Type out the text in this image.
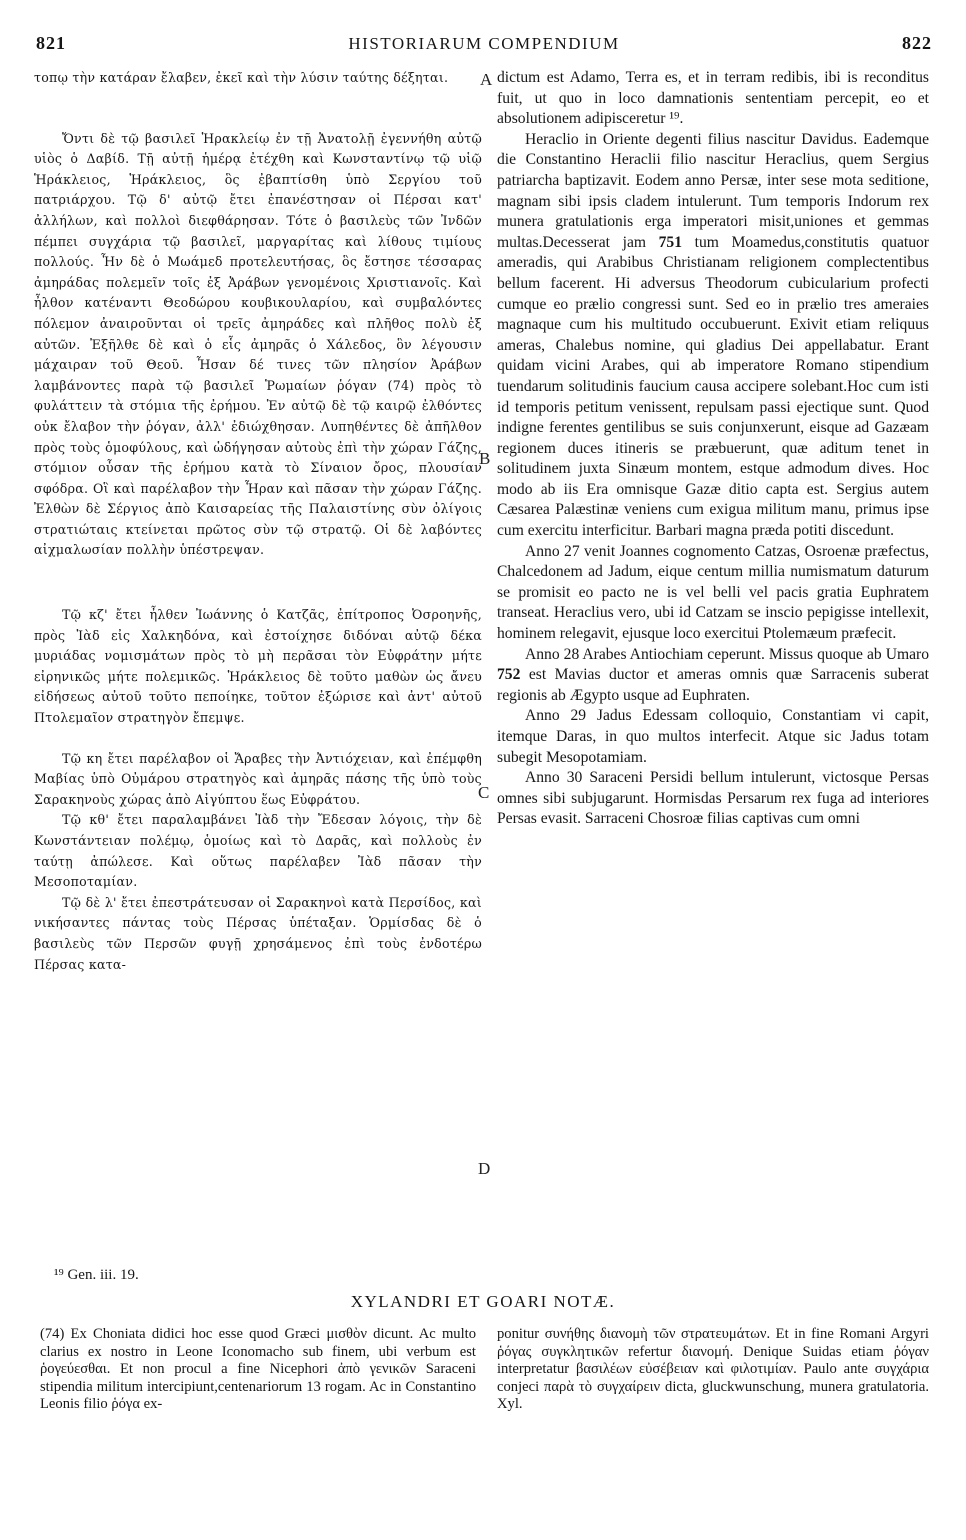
821	HISTORIARUM COMPENDIUM	822

τοπῳ τὴν κατάραν ἔλαβεν, ἐκεῖ καὶ τὴν λύσιν ταύτης δέξηται.

Ὄντι δὲ τῷ βασιλεῖ Ἡρακλείῳ ἐν τῇ Ἀνατολῇ ἐγεννήθη αὐτῷ υἱὸς ὁ Δαβίδ. Τῇ αὐτῇ ἡμέρᾳ ἐτέχθη καὶ Κωνσταντίνῳ τῷ υἱῷ Ἡράκλειος, Ἡράκλειος, ὃς ἐβαπτίσθη ὑπὸ Σεργίου τοῦ πατριάρχου. Τῷ δ' αὐτῷ ἔτει ἐπανέστησαν οἱ Πέρσαι κατ' ἀλλήλων, καὶ πολλοὶ διεφθάρησαν. Τότε ὁ βασιλεὺς τῶν Ἰνδῶν πέμπει συγχάρια τῷ βασιλεῖ, μαργαρίτας καὶ λίθους τιμίους πολλούς. Ἦν δὲ ὁ Μωάμεδ προτελευτήσας, ὃς ἔστησε τέσσαρας ἀμηράδας πολεμεῖν τοῖς ἐξ Ἀράβων γενομένοις Χριστιανοῖς. Καὶ ἦλθον κατέναντι Θεοδώρου κουβικουλαρίου, καὶ συμβαλόντες πόλεμον ἀναιροῦνται οἱ τρεῖς ἀμηράδες καὶ πλῆθος πολὺ ἐξ αὐτῶν. Ἐξῆλθε δὲ καὶ ὁ εἷς ἀμηρᾶς ὁ Χάλεδος, ὃν λέγουσιν μάχαιραν τοῦ Θεοῦ. Ἦσαν δέ τινες τῶν πλησίον Ἀράβων λαμβάνοντες παρὰ τῷ βασιλεῖ Ῥωμαίων ῥόγαν (74) πρὸς τὸ φυλάττειν τὰ στόμια τῆς ἐρήμου. Ἐν αὐτῷ δὲ τῷ καιρῷ ἐλθόντες οὐκ ἔλαβον τὴν ῥόγαν, ἀλλ' ἐδιώχθησαν. Λυπηθέντες δὲ ἀπῆλθον πρὸς τοὺς ὁμοφύλους, καὶ ὡδήγησαν αὐτοὺς ἐπὶ τὴν χώραν Γάζης, στόμιον οὖσαν τῆς ἐρήμου κατὰ τὸ Σίναιον ὄρος, πλουσίαν σφόδρα. Οἳ καὶ παρέλαβον τὴν Ἧραν καὶ πᾶσαν τὴν χώραν Γάζης. Ἐλθὼν δὲ Σέργιος ἀπὸ Καισαρείας τῆς Παλαιστίνης σὺν ὀλίγοις στρατιώταις κτείνεται πρῶτος σὺν τῷ στρατῷ. Οἱ δὲ λαβόντες αἰχμαλωσίαν πολλὴν ὑπέστρεψαν.

Τῷ κζ' ἔτει ἦλθεν Ἰωάννης ὁ Κατζᾶς, ἐπίτροπος Ὀσροηνῆς, πρὸς Ἰὰδ εἰς Χαλκηδόνα, καὶ ἐστοίχησε διδόναι αὐτῷ δέκα μυριάδας νομισμάτων πρὸς τὸ μὴ περᾶσαι τὸν Εὐφράτην μήτε εἰρηνικῶς μήτε πολεμικῶς. Ἡράκλειος δὲ τοῦτο μαθὼν ὡς ἄνευ εἰδήσεως αὐτοῦ τοῦτο πεποίηκε, τοῦτον ἐξώρισε καὶ ἀντ' αὐτοῦ Πτολεμαῖον στρατηγὸν ἔπεμψε.

Τῷ κη ἔτει παρέλαβον οἱ Ἄραβες τὴν Ἀντιόχειαν, καὶ ἐπέμφθη Μαβίας ὑπὸ Οὐμάρου στρατηγὸς καὶ ἀμηρᾶς πάσης τῆς ὑπὸ τοὺς Σαρακηνοὺς χώρας ἀπὸ Αἰγύπτου ἕως Εὐφράτου.

Τῷ κθ' ἔτει παραλαμβάνει Ἰὰδ τὴν Ἔδεσαν λόγοις, τὴν δὲ Κωνστάντειαν πολέμῳ, ὁμοίως καὶ τὸ Δαρᾶς, καὶ πολλοὺς ἐν ταύτῃ ἀπώλεσε. Καὶ οὕτως παρέλαβεν Ἰὰδ πᾶσαν τὴν Μεσοποταμίαν.

Τῷ δὲ λ' ἔτει ἐπεστράτευσαν οἱ Σαρακηνοὶ κατὰ Περσίδος, καὶ νικήσαντες πάντας τοὺς Πέρσας ὑπέταξαν. Ὁρμίσδας δὲ ὁ βασιλεὺς τῶν Περσῶν φυγῇ χρησάμενος ἐπὶ τοὺς ἐνδοτέρω Πέρσας κατα-

dictum est Adamo, Terra es, et in terram redibis, ibi is reconditus fuit, ut quo in loco damnationis sententiam percepit, eo et absolutionem adipisceretur ¹⁹.

Heraclio in Oriente degenti filius nascitur Davidus. Eademque die Constantino Heraclii filio nascitur Heraclius, quem Sergius patriarcha baptizavit. Eodem anno Persæ, inter sese mota seditione, magnam sibi ipsis cladem intulerunt. Tum temporis Indorum rex munera gratulationis erga imperatori misit,uniones et gemmas multas.Decesserat jam 751 tum Moamedus,constitutis quatuor ameradis, qui Arabibus Christianam religionem complectentibus bellum facerent. Hi adversus Theodorum cubicularium profecti cumque eo prælio congressi sunt. Sed eo in prælio tres ameraies magnaque cum his multitudo occubuerunt. Exivit etiam reliquus ameras, Chalebus nomine, qui gladius Dei appellabatur. Erant quidam vicini Arabes, qui ab imperatore Romano stipendium tuendarum solitudinis faucium causa accipere solebant.Hoc cum isti id temporis petitum venissent, repulsam passi ejectique sunt. Quod indigne ferentes gentilibus se suis conjunxerunt, eisque ad Gazæam regionem duces itineris se præbuerunt, quæ aditum tenet in solitudinem juxta Sinæum montem, estque admodum dives. Hoc modo ab iis Era omnisque Gazæ ditio capta est. Sergius autem Cæsarea Palæstinæ veniens cum exigua militum manu, primus ipse cum exercitu interficitur. Barbari magna præda potiti discedunt.

Anno 27 venit Joannes cognomento Catzas, Osroenæ præfectus, Chalcedonem ad Jadum, eique centum millia numismatum daturum se promisit eo pacto ne is vel belli vel pacis gratia Euphratem transeat. Heraclius vero, ubi id Catzam se inscio pepigisse intellexit, hominem relegavit, ejusque loco exercitui Ptolemæum præfecit.

Anno 28 Arabes Antiochiam ceperunt. Missus quoque ab Umaro 752 est Mavias ductor et ameras omnis quæ Sarracenis suberat regionis ab Ægypto usque ad Euphraten.

Anno 29 Jadus Edessam colloquio, Constantiam vi capit, itemque Daras, in quo multos interfecit. Atque sic Jadus totam subegit Mesopotamiam.

Anno 30 Saraceni Persidi bellum intulerunt, victosque Persas omnes sibi subjugarunt. Hormisdas Persarum rex fuga ad interiores Persas evasit. Sarraceni Chosroæ filias captivas cum omni

A
B
C
D
¹⁹ Gen. iii. 19.
XYLANDRI ET GOARI NOTÆ.

(74) Ex Choniata didici hoc esse quod Græci μισθὸν dicunt. Ac multo clarius ex nostro in Leone Iconomacho sub finem, ubi verbum est ῥογεύεσθαι. Et non procul a fine Nicephori ἀπὸ γενικῶν Saraceni stipendia militum intercipiunt,centenariorum 13 rogam. Ac in Constantino Leonis filio ῥόγα ex-

ponitur συνήθης διανομὴ τῶν στρατευμάτων. Et in fine Romani Argyri ῥόγας συγκλητικῶν refertur διανομή. Denique Suidas etiam ῥόγαν interpretatur βασιλέων εὐσέβειαν καὶ φιλοτιμίαν. Paulo ante συγχάρια conjeci παρὰ τὸ συγχαίρειν dicta, gluckwunschung, munera gratulatoria. Xyl.
